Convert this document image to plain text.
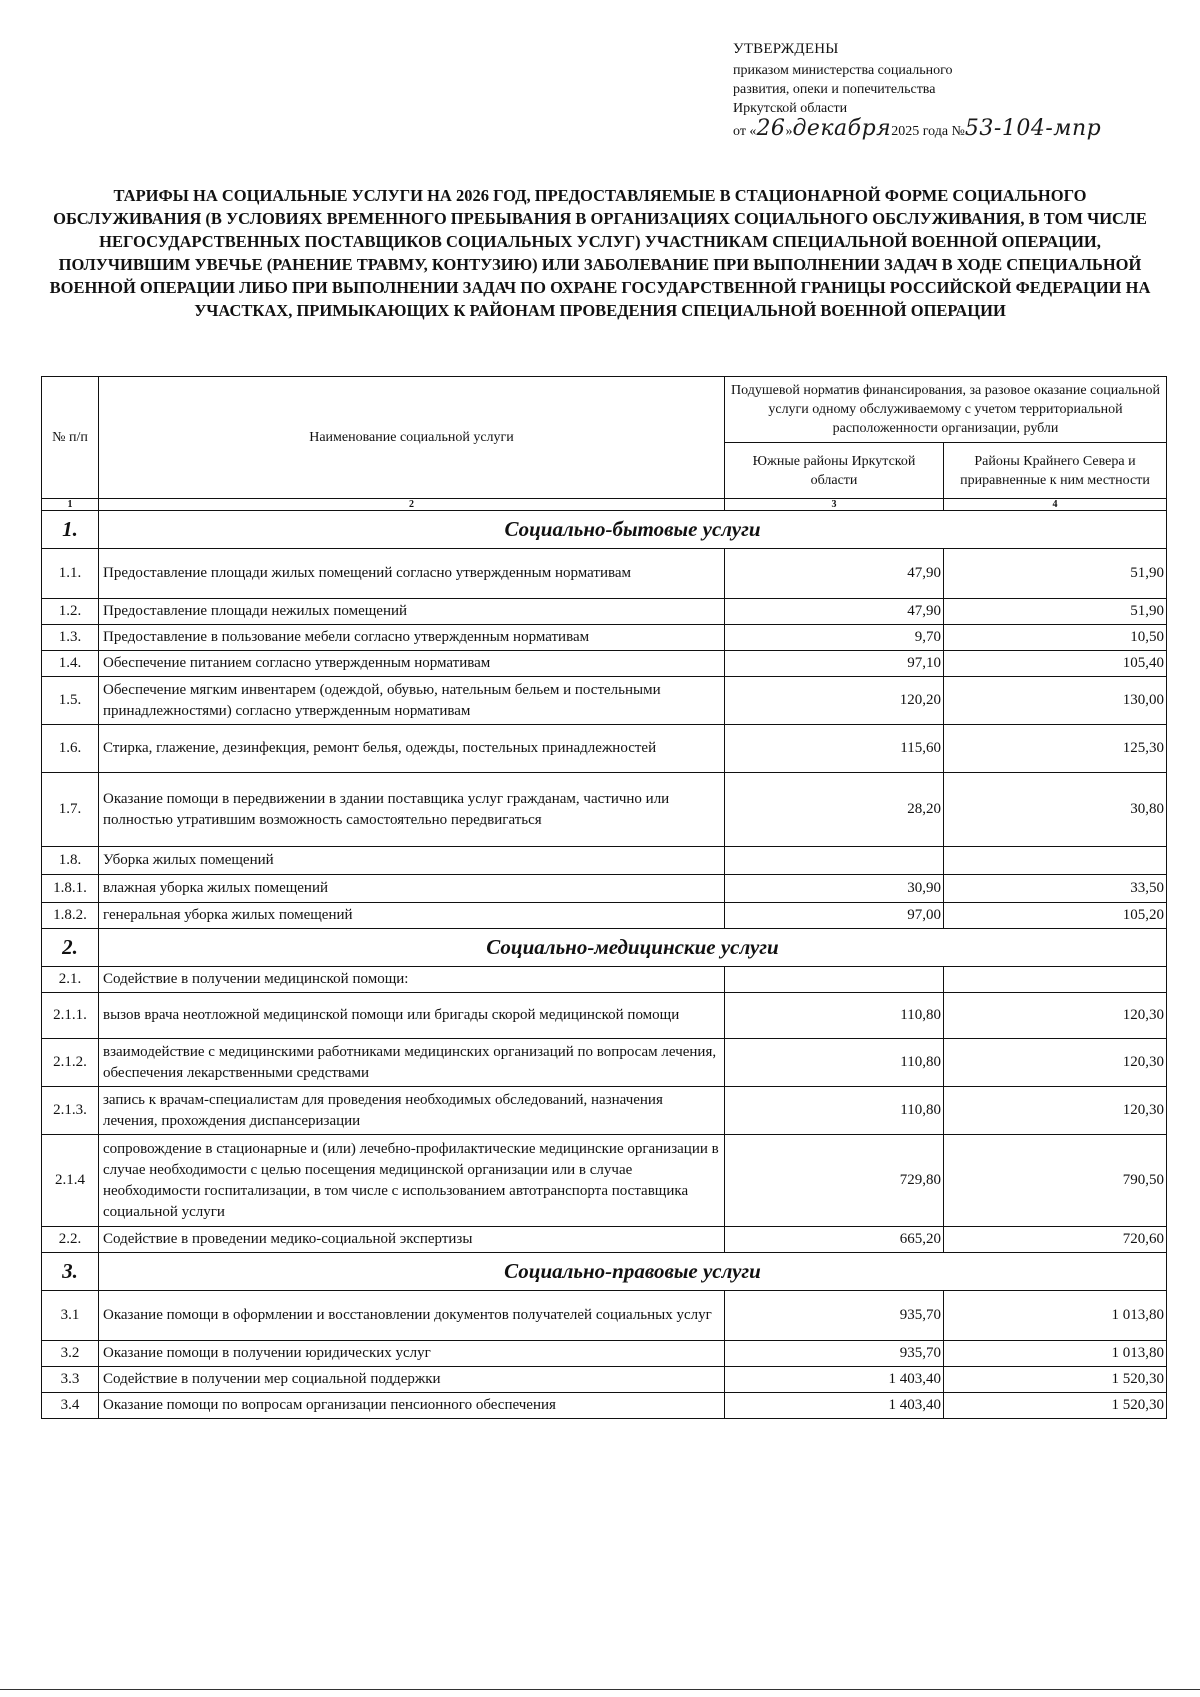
УТВЕРЖДЕНЫ
приказом министерства социального
развития, опеки и попечительства
Иркутской области
от «26»декабря2025 года №53-104-мпр
ТАРИФЫ НА СОЦИАЛЬНЫЕ УСЛУГИ НА 2026 ГОД, ПРЕДОСТАВЛЯЕМЫЕ В СТАЦИОНАРНОЙ ФОРМЕ СОЦИАЛЬНОГО ОБСЛУЖИВАНИЯ (В УСЛОВИЯХ ВРЕМЕННОГО ПРЕБЫВАНИЯ В ОРГАНИЗАЦИЯХ СОЦИАЛЬНОГО ОБСЛУЖИВАНИЯ, В ТОМ ЧИСЛЕ НЕГОСУДАРСТВЕННЫХ ПОСТАВЩИКОВ СОЦИАЛЬНЫХ УСЛУГ) УЧАСТНИКАМ СПЕЦИАЛЬНОЙ ВОЕННОЙ ОПЕРАЦИИ, ПОЛУЧИВШИМ УВЕЧЬЕ (РАНЕНИЕ ТРАВМУ, КОНТУЗИЮ) ИЛИ ЗАБОЛЕВАНИЕ ПРИ ВЫПОЛНЕНИИ ЗАДАЧ В ХОДЕ СПЕЦИАЛЬНОЙ ВОЕННОЙ ОПЕРАЦИИ ЛИБО ПРИ ВЫПОЛНЕНИИ ЗАДАЧ ПО ОХРАНЕ ГОСУДАРСТВЕННОЙ ГРАНИЦЫ РОССИЙСКОЙ ФЕДЕРАЦИИ НА УЧАСТКАХ, ПРИМЫКАЮЩИХ К РАЙОНАМ ПРОВЕДЕНИЯ СПЕЦИАЛЬНОЙ ВОЕННОЙ ОПЕРАЦИИ
№ п/п	Наименование социальной услуги	Подушевой норматив финансирования, за разовое оказание социальной услуги одному обслуживаемому с учетом территориальной расположенности организации, рубли	
		Южные районы Иркутской области	Районы Крайнего Севера и приравненные к ним местности
1	2	3	4
1.	Социально-бытовые услуги		
1.1.	Предоставление площади жилых помещений согласно утвержденным нормативам	47,90	51,90
1.2.	Предоставление площади нежилых помещений	47,90	51,90
1.3.	Предоставление в пользование мебели согласно утвержденным нормативам	9,70	10,50
1.4.	Обеспечение питанием согласно утвержденным нормативам	97,10	105,40
1.5.	Обеспечение мягким инвентарем (одеждой, обувью, нательным бельем и постельными принадлежностями) согласно утвержденным нормативам	120,20	130,00
1.6.	Стирка, глажение, дезинфекция, ремонт белья, одежды, постельных принадлежностей	115,60	125,30
1.7.	Оказание помощи в передвижении в здании поставщика услуг гражданам, частично или полностью утратившим возможность самостоятельно передвигаться	28,20	30,80
1.8.	Уборка жилых помещений		
1.8.1.	влажная уборка жилых помещений	30,90	33,50
1.8.2.	генеральная уборка жилых помещений	97,00	105,20
2.	Социально-медицинские услуги		
2.1.	Содействие в получении медицинской помощи:		
2.1.1.	вызов врача неотложной медицинской помощи или бригады скорой медицинской помощи	110,80	120,30
2.1.2.	взаимодействие с медицинскими работниками медицинских организаций по вопросам лечения, обеспечения лекарственными средствами	110,80	120,30
2.1.3.	запись к врачам-специалистам для проведения необходимых обследований, назначения лечения, прохождения диспансеризации	110,80	120,30
2.1.4	сопровождение в стационарные и (или) лечебно-профилактические медицинские организации в случае необходимости с целью посещения медицинской организации или в случае необходимости госпитализации, в том числе с использованием автотранспорта поставщика социальной услуги	729,80	790,50
2.2.	Содействие в проведении медико-социальной экспертизы	665,20	720,60
3.	Социально-правовые услуги		
3.1	Оказание помощи в оформлении и восстановлении документов получателей социальных услуг	935,70	1 013,80
3.2	Оказание помощи в получении юридических услуг	935,70	1 013,80
3.3	Содействие в получении мер социальной поддержки	1 403,40	1 520,30
3.4	Оказание помощи по вопросам организации пенсионного обеспечения	1 403,40	1 520,30
